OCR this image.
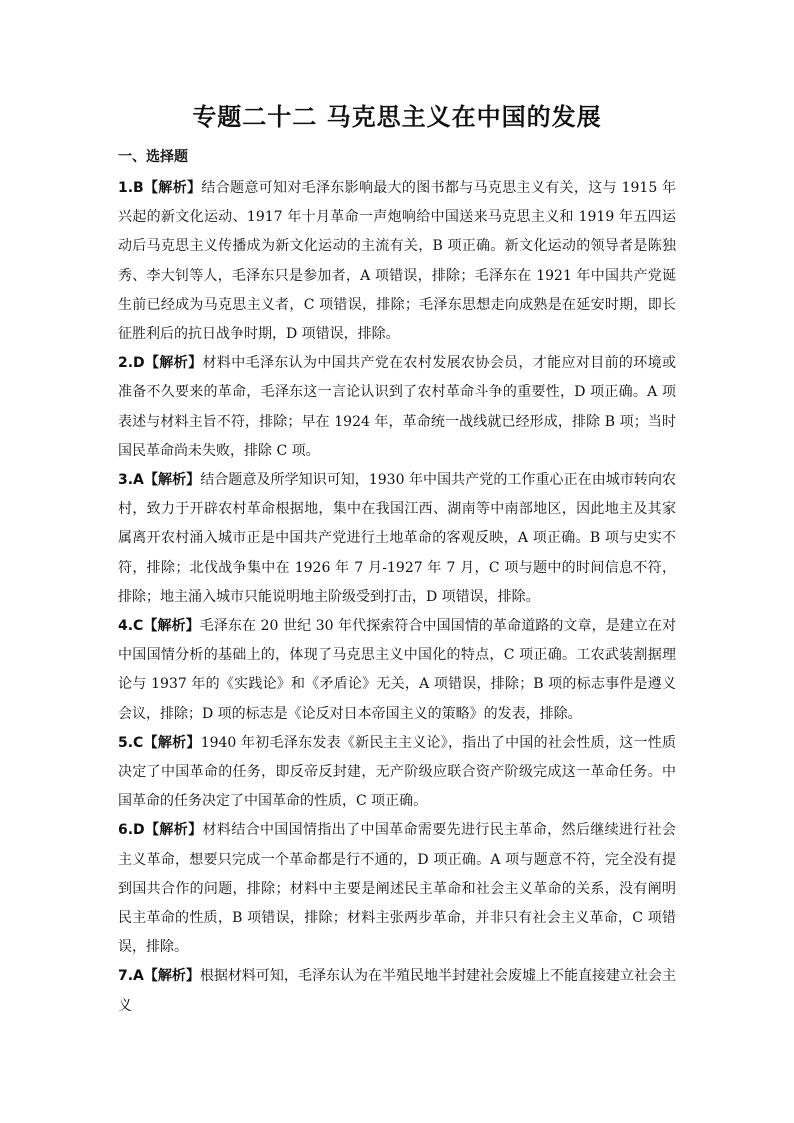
专题二十二 马克思主义在中国的发展
一、选择题

1.B【解析】结合题意可知对毛泽东影响最大的图书都与马克思主义有关，这与 1915 年兴起的新文化运动、1917 年十月革命一声炮响给中国送来马克思主义和 1919 年五四运动后马克思主义传播成为新文化运动的主流有关，B 项正确。新文化运动的领导者是陈独秀、李大钊等人，毛泽东只是参加者，A 项错误，排除；毛泽东在 1921 年中国共产党诞生前已经成为马克思主义者，C 项错误，排除；毛泽东思想走向成熟是在延安时期，即长征胜利后的抗日战争时期，D 项错误，排除。

2.D【解析】材料中毛泽东认为中国共产党在农村发展农协会员，才能应对目前的环境或准备不久要来的革命，毛泽东这一言论认识到了农村革命斗争的重要性，D 项正确。A 项表述与材料主旨不符，排除；早在 1924 年，革命统一战线就已经形成，排除 B 项；当时国民革命尚未失败，排除 C 项。

3.A【解析】结合题意及所学知识可知，1930 年中国共产党的工作重心正在由城市转向农村，致力于开辟农村革命根据地，集中在我国江西、湖南等中南部地区，因此地主及其家属离开农村涌入城市正是中国共产党进行土地革命的客观反映，A 项正确。B 项与史实不符，排除；北伐战争集中在 1926 年 7 月-1927 年 7 月，C 项与题中的时间信息不符，排除；地主涌入城市只能说明地主阶级受到打击，D 项错误，排除。

4.C【解析】毛泽东在 20 世纪 30 年代探索符合中国国情的革命道路的文章，是建立在对中国国情分析的基础上的，体现了马克思主义中国化的特点，C 项正确。工农武装割据理论与 1937 年的《实践论》和《矛盾论》无关，A 项错误，排除；B 项的标志事件是遵义会议，排除；D 项的标志是《论反对日本帝国主义的策略》的发表，排除。

5.C【解析】1940 年初毛泽东发表《新民主主义论》，指出了中国的社会性质，这一性质决定了中国革命的任务，即反帝反封建，无产阶级应联合资产阶级完成这一革命任务。中国革命的任务决定了中国革命的性质，C 项正确。

6.D【解析】材料结合中国国情指出了中国革命需要先进行民主革命，然后继续进行社会主义革命，想要只完成一个革命都是行不通的，D 项正确。A 项与题意不符，完全没有提到国共合作的问题，排除；材料中主要是阐述民主革命和社会主义革命的关系，没有阐明民主革命的性质，B 项错误，排除；材料主张两步革命，并非只有社会主义革命，C 项错误，排除。

7.A【解析】根据材料可知，毛泽东认为在半殖民地半封建社会废墟上不能直接建立社会主义
